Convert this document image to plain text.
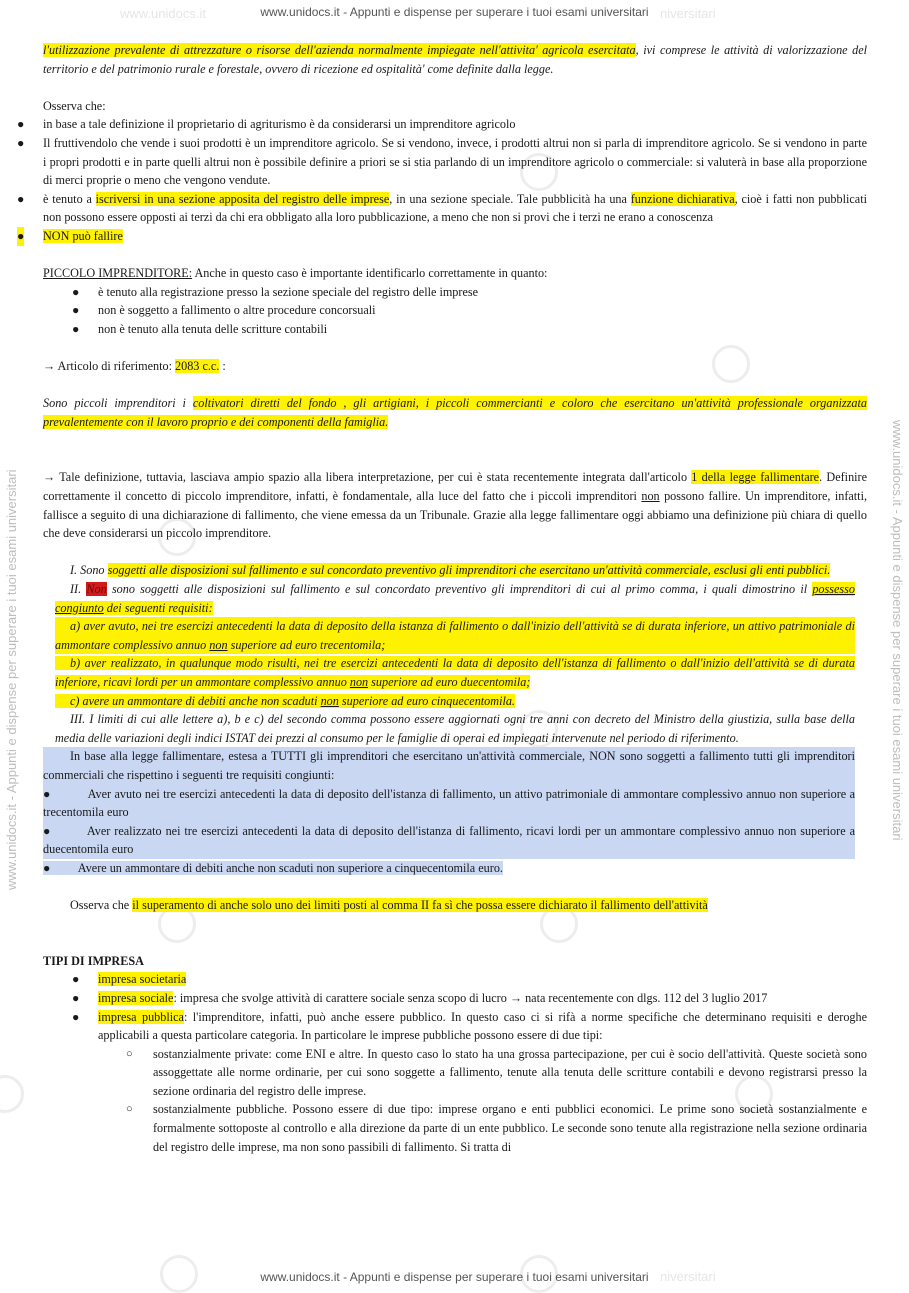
www.unidocs.it	niversitari
niversitari
www.unidocs.it - Appunti e dispense per superare i tuoi esami universitari	www.unidocs.it - Appunti e dispense per superare i tuoi esami universitari
www.unidocs.it - Appunti e dispense per superare i tuoi esami universitari
www.unidocs.it - Appunti e dispense per superare i tuoi esami universitari

l'utilizzazione prevalente di attrezzature o risorse dell'azienda normalmente impiegate nell'attivita' agricola esercitata, ivi comprese le attività di valorizzazione del territorio e del patrimonio rurale e forestale, ovvero di ricezione ed ospitalità' come definite dalla legge.

Osserva che:

● in base a tale definizione il proprietario di agriturismo è da considerarsi un imprenditore agricolo

● Il fruttivendolo che vende i suoi prodotti è un imprenditore agricolo. Se si vendono, invece, i prodotti altrui non si parla di imprenditore agricolo. Se si vendono in parte i propri prodotti e in parte quelli altrui non è possibile definire a priori se si stia parlando di un imprenditore agricolo o commerciale: si valuterà in base alla proporzione di merci proprie o meno che vengono vendute.

● è tenuto a iscriversi in una sezione apposita del registro delle imprese, in una sezione speciale. Tale pubblicità ha una funzione dichiarativa, cioè i fatti non pubblicati non possono essere opposti ai terzi da chi era obbligato alla loro pubblicazione, a meno che non si provi che i terzi ne erano a conoscenza

● NON può fallire

PICCOLO IMPRENDITORE: Anche in questo caso è importante identificarlo correttamente in quanto:

● è tenuto alla registrazione presso la sezione speciale del registro delle imprese

● non è soggetto a fallimento o altre procedure concorsuali

● non è tenuto alla tenuta delle scritture contabili

→ Articolo di riferimento: 2083 c.c. :

Sono piccoli imprenditori i coltivatori diretti del fondo , gli artigiani, i piccoli commercianti e coloro che esercitano un'attività professionale organizzata prevalentemente con il lavoro proprio e dei componenti della famiglia.

→ Tale definizione, tuttavia, lasciava ampio spazio alla libera interpretazione, per cui è stata recentemente integrata dall'articolo 1 della legge fallimentare. Definire correttamente il concetto di piccolo imprenditore, infatti, è fondamentale, alla luce del fatto che i piccoli imprenditori non possono fallire. Un imprenditore, infatti, fallisce a seguito di una dichiarazione di fallimento, che viene emessa da un Tribunale. Grazie alla legge fallimentare oggi abbiamo una definizione più chiara di quello che deve considerarsi un piccolo imprenditore.

I. Sono soggetti alle disposizioni sul fallimento e sul concordato preventivo gli imprenditori che esercitano un'attività commerciale, esclusi gli enti pubblici.

II. Non sono soggetti alle disposizioni sul fallimento e sul concordato preventivo gli imprenditori di cui al primo comma, i quali dimostrino il possesso congiunto dei seguenti requisiti:

a) aver avuto, nei tre esercizi antecedenti la data di deposito della istanza di fallimento o dall'inizio dell'attività se di durata inferiore, un attivo patrimoniale di ammontare complessivo annuo non superiore ad euro trecentomila;

b) aver realizzato, in qualunque modo risulti, nei tre esercizi antecedenti la data di deposito dell'istanza di fallimento o dall'inizio dell'attività se di durata inferiore, ricavi lordi per un ammontare complessivo annuo non superiore ad euro duecentomila;

c) avere un ammontare di debiti anche non scaduti non superiore ad euro cinquecentomila.

III. I limiti di cui alle lettere a), b e c) del secondo comma possono essere aggiornati ogni tre anni con decreto del Ministro della giustizia, sulla base della media delle variazioni degli indici ISTAT dei prezzi al consumo per le famiglie di operai ed impiegati intervenute nel periodo di riferimento.

In base alla legge fallimentare, estesa a TUTTI gli imprenditori che esercitano un'attività commerciale, NON sono soggetti a fallimento tutti gli imprenditori commerciali che rispettino i seguenti tre requisiti congiunti:

●           Aver avuto nei tre esercizi antecedenti la data di deposito dell'istanza di fallimento, un attivo patrimoniale di ammontare complessivo annuo non superiore a trecentomila euro

●         Aver realizzato nei tre esercizi antecedenti la data di deposito dell'istanza di fallimento, ricavi lordi per un ammontare complessivo annuo non superiore a duecentomila euro

●         Avere un ammontare di debiti anche non scaduti non superiore a cinquecentomila euro.

Osserva che il superamento di anche solo uno dei limiti posti al comma II fa sì che possa essere dichiarato il fallimento dell'attività

TIPI DI IMPRESA

● impresa societaria

● impresa sociale: impresa che svolge attività di carattere sociale senza scopo di lucro → nata recentemente con dlgs. 112 del 3 luglio 2017

● impresa pubblica: l'imprenditore, infatti, può anche essere pubblico. In questo caso ci si rifà a norme specifiche che determinano requisiti e deroghe applicabili a questa particolare categoria. In particolare le imprese pubbliche possono essere di due tipi:

○ sostanzialmente private: come ENI e altre. In questo caso lo stato ha una grossa partecipazione, per cui è socio dell'attività. Queste società sono assoggettate alle norme ordinarie, per cui sono soggette a fallimento, tenute alla tenuta delle scritture contabili e devono registrarsi presso la sezione ordinaria del registro delle imprese.

○ sostanzialmente pubbliche. Possono essere di due tipo: imprese organo e enti pubblici economici. Le prime sono società sostanzialmente e formalmente sottoposte al controllo e alla direzione da parte di un ente pubblico. Le seconde sono tenute alla registrazione nella sezione ordinaria del registro delle imprese, ma non sono passibili di fallimento. Si tratta di
